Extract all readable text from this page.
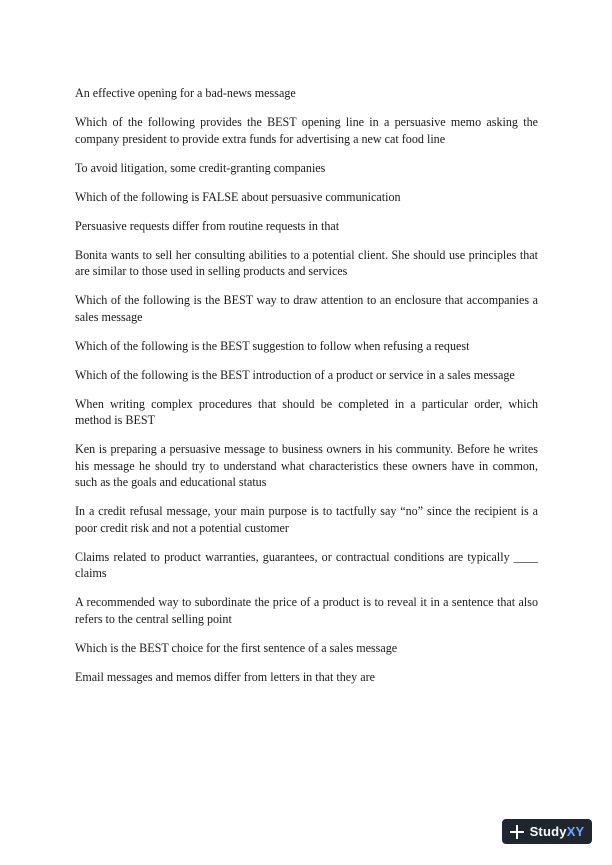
An effective opening for a bad-news message

Which of the following provides the BEST opening line in a persuasive memo asking the company president to provide extra funds for advertising a new cat food line

To avoid litigation, some credit-granting companies

Which of the following is FALSE about persuasive communication

Persuasive requests differ from routine requests in that

Bonita wants to sell her consulting abilities to a potential client. She should use principles that are similar to those used in selling products and services

Which of the following is the BEST way to draw attention to an enclosure that accompanies a sales message

Which of the following is the BEST suggestion to follow when refusing a request

Which of the following is the BEST introduction of a product or service in a sales message

When writing complex procedures that should be completed in a particular order, which method is BEST

Ken is preparing a persuasive message to business owners in his community. Before he writes his message he should try to understand what characteristics these owners have in common, such as the goals and educational status

In a credit refusal message, your main purpose is to tactfully say “no” since the recipient is a poor credit risk and not a potential customer

Claims related to product warranties, guarantees, or contractual conditions are typically ____ claims

A recommended way to subordinate the price of a product is to reveal it in a sentence that also refers to the central selling point

Which is the BEST choice for the first sentence of a sales message

Email messages and memos differ from letters in that they are

StudyXY
